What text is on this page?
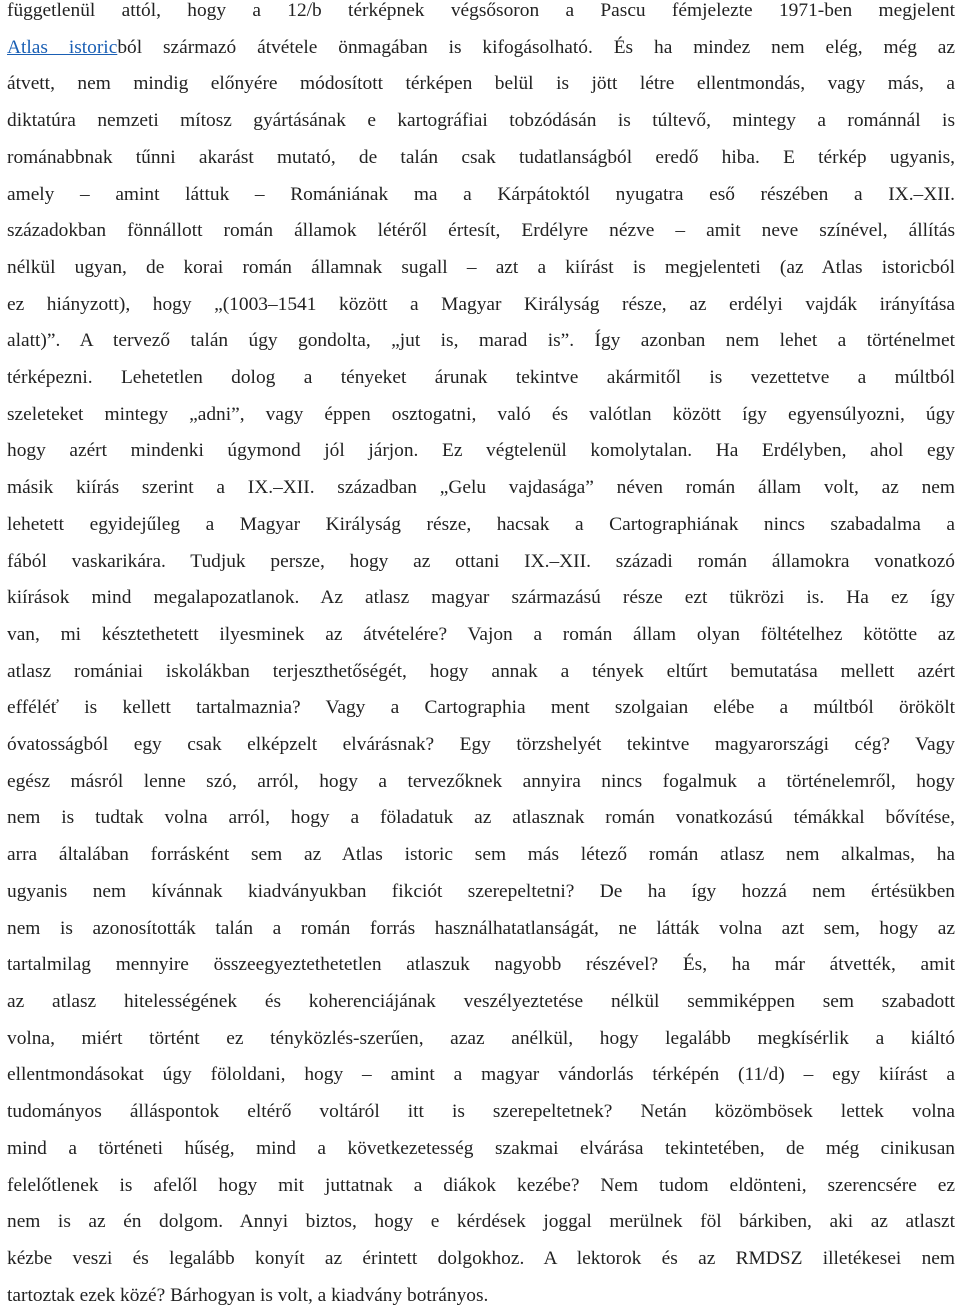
függetlenül attól, hogy a 12/b térképnek végsősoron a Pascu fémjelezte 1971-ben megjelent
Atlas istoricból származó átvétele önmagában is kifogásolható. És ha mindez nem elég, még az
átvett, nem mindig előnyére módosított térképen belül is jött létre ellentmondás, vagy más, a
diktatúra nemzeti mítosz gyártásának e kartográfiai tobzódásán is túltevő, mintegy a románnál is
románabbnak tűnni akarást mutató, de talán csak tudatlanságból eredő hiba. E térkép ugyanis,
amely – amint láttuk – Romániának ma a Kárpátoktól nyugatra eső részében a IX.–XII.
századokban fönnállott román államok létéről értesít, Erdélyre nézve – amit neve színével, állítás
nélkül ugyan, de korai román államnak sugall – azt a kiírást is megjelenteti (az Atlas istoricból
ez hiányzott), hogy „(1003–1541 között a Magyar Királyság része, az erdélyi vajdák irányítása
alatt)”. A tervező talán úgy gondolta, „jut is, marad is”. Így azonban nem lehet a történelmet
térképezni. Lehetetlen dolog a tényeket árunak tekintve akármitől is vezettetve a múltból
szeleteket mintegy „adni”, vagy éppen osztogatni, való és valótlan között így egyensúlyozni, úgy
hogy azért mindenki úgymond jól járjon. Ez végtelenül komolytalan. Ha Erdélyben, ahol egy
másik kiírás szerint a IX.–XII. században „Gelu vajdasága” néven román állam volt, az nem
lehetett egyidejűleg a Magyar Királyság része, hacsak a Cartographiának nincs szabadalma a
fából vaskarikára. Tudjuk persze, hogy az ottani IX.–XII. századi román államokra vonatkozó
kiírások mind megalapozatlanok. Az atlasz magyar származású része ezt tükrözi is. Ha ez így
van, mi késztethetett ilyesminek az átvételére? Vajon a román állam olyan föltételhez kötötte az
atlasz romániai iskolákban terjeszthetőségét, hogy annak a tények eltűrt bemutatása mellett azért
efféléť is kellett tartalmaznia? Vagy a Cartographia ment szolgaian elébe a múltból örökölt
óvatosságból egy csak elképzelt elvárásnak? Egy törzshelyét tekintve magyarországi cég? Vagy
egész másról lenne szó, arról, hogy a tervezőknek annyira nincs fogalmuk a történelemről, hogy
nem is tudtak volna arról, hogy a föladatuk az atlasznak román vonatkozású témákkal bővítése,
arra általában forrásként sem az Atlas istoric sem más létező román atlasz nem alkalmas, ha
ugyanis nem kívánnak kiadványukban fikciót szerepeltetni? De ha így hozzá nem értésükben
nem is azonosították talán a román forrás használhatatlanságát, ne látták volna azt sem, hogy az
tartalmilag mennyire összeegyeztethetetlen atlaszuk nagyobb részével? És, ha már átvették, amit
az atlasz hitelességének és koherenciájának veszélyeztetése nélkül semmiképpen sem szabadott
volna, miért történt ez tényközlés-szerűen, azaz anélkül, hogy legalább megkísérlik a kiáltó
ellentmondásokat úgy föloldani, hogy – amint a magyar vándorlás térképén (11/d) – egy kiírást a
tudományos álláspontok eltérő voltáról itt is szerepeltetnek? Netán közömbösek lettek volna
mind a történeti hűség, mind a következetesség szakmai elvárása tekintetében, de még cinikusan
felelőtlenek is afelől hogy mit juttatnak a diákok kezébe? Nem tudom eldönteni, szerencsére ez
nem is az én dolgom. Annyi biztos, hogy e kérdések joggal merülnek föl bárkiben, aki az atlaszt
kézbe veszi és legalább konyít az érintett dolgokhoz. A lektorok és az RMDSZ illetékesei nem
tartoztak ezek közé? Bárhogyan is volt, a kiadvány botrányos.
